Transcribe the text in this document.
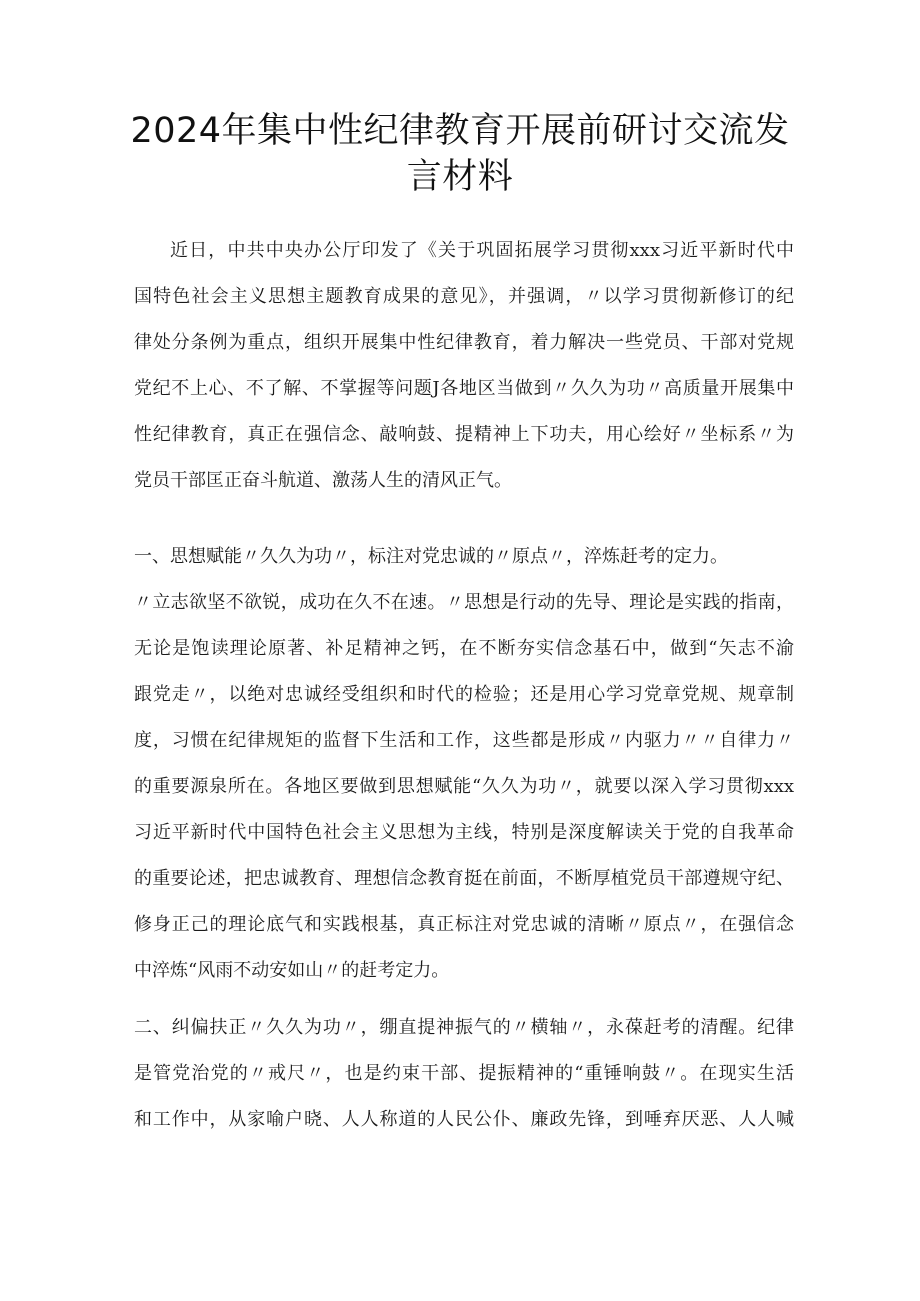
2024年集中性纪律教育开展前研讨交流发
言材料
近日，中共中央办公厅印发了《关于巩固拓展学习贯彻xxx习近平新时代中
国特色社会主义思想主题教育成果的意见》，并强调，〃以学习贯彻新修订的纪
律处分条例为重点，组织开展集中性纪律教育，着力解决一些党员、干部对党规
党纪不上心、不了解、不掌握等问题J各地区当做到〃久久为功〃高质量开展集中
性纪律教育，真正在强信念、敲响鼓、提精神上下功夫，用心绘好〃坐标系〃为
党员干部匡正奋斗航道、激荡人生的清风正气。
一、思想赋能〃久久为功〃，标注对党忠诚的〃原点〃，淬炼赶考的定力。
〃立志欲坚不欲锐，成功在久不在速。〃思想是行动的先导、理论是实践的指南，
无论是饱读理论原著、补足精神之钙，在不断夯实信念基石中，做到“矢志不渝
跟党走〃，以绝对忠诚经受组织和时代的检验；还是用心学习党章党规、规章制
度，习惯在纪律规矩的监督下生活和工作，这些都是形成〃内驱力〃〃自律力〃
的重要源泉所在。各地区要做到思想赋能“久久为功〃，就要以深入学习贯彻xxx
习近平新时代中国特色社会主义思想为主线，特别是深度解读关于党的自我革命
的重要论述，把忠诚教育、理想信念教育挺在前面，不断厚植党员干部遵规守纪、
修身正己的理论底气和实践根基，真正标注对党忠诚的清晰〃原点〃，在强信念
中淬炼“风雨不动安如山〃的赶考定力。
二、纠偏扶正〃久久为功〃，绷直提神振气的〃横轴〃，永葆赶考的清醒。纪律
是管党治党的〃戒尺〃，也是约束干部、提振精神的“重锤响鼓〃。在现实生活
和工作中，从家喻户晓、人人称道的人民公仆、廉政先锋，到唾弃厌恶、人人喊
